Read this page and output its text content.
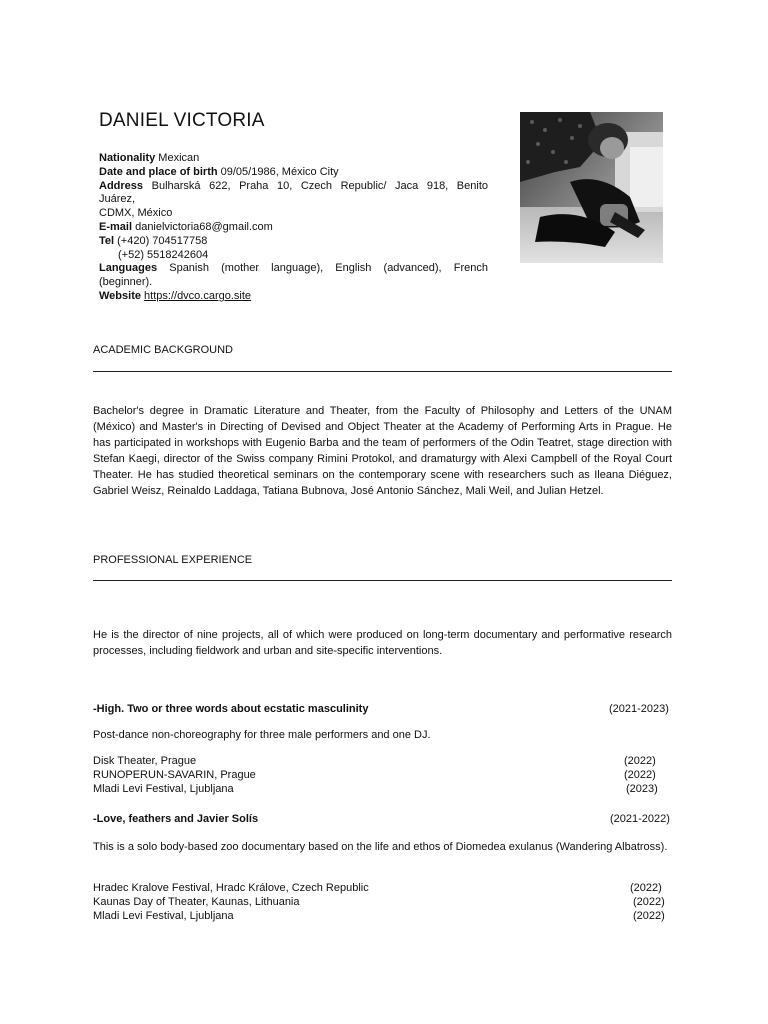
DANIEL VICTORIA
Nationality Mexican
Date and place of birth 09/05/1986, México City
Address Bulharská 622, Praha 10, Czech Republic/ Jaca 918, Benito
Juárez,
CDMX, México
E-mail danielvictoria68@gmail.com
Tel (+420) 704517758
(+52) 5518242604
Languages Spanish (mother language), English (advanced), French
(beginner).
Website https://dvco.cargo.site
ACADEMIC BACKGROUND
Bachelor's degree in Dramatic Literature and Theater, from the Faculty of Philosophy and Letters of the UNAM (México) and Master's in Directing of Devised and Object Theater at the Academy of Performing Arts in Prague. He has participated in workshops with Eugenio Barba and the team of performers of the Odin Teatret, stage direction with Stefan Kaegi, director of the Swiss company Rimini Protokol, and dramaturgy with Alexi Campbell of the Royal Court Theater. He has studied theoretical seminars on the contemporary scene with researchers such as Ileana Diéguez, Gabriel Weisz, Reinaldo Laddaga, Tatiana Bubnova, José Antonio Sánchez, Mali Weil, and Julian Hetzel.
PROFESSIONAL EXPERIENCE
He is the director of nine projects, all of which were produced on long-term documentary and performative research processes, including fieldwork and urban and site-specific interventions.
-High. Two or three words about ecstatic masculinity	(2021-2023)
Post-dance non-choreography for three male performers and one DJ.
Disk Theater, Prague	(2022)
RUNOPERUN-SAVARIN, Prague	(2022)
Mladi Levi Festival, Ljubljana	(2023)
-Love, feathers and Javier Solís	(2021-2022)
This is a solo body-based zoo documentary based on the life and ethos of Diomedea exulanus (Wandering Albatross).
Hradec Kralove Festival, Hradc Králove, Czech Republic	(2022)
Kaunas Day of Theater, Kaunas, Lithuania	(2022)
Mladi Levi Festival, Ljubljana	(2022)
